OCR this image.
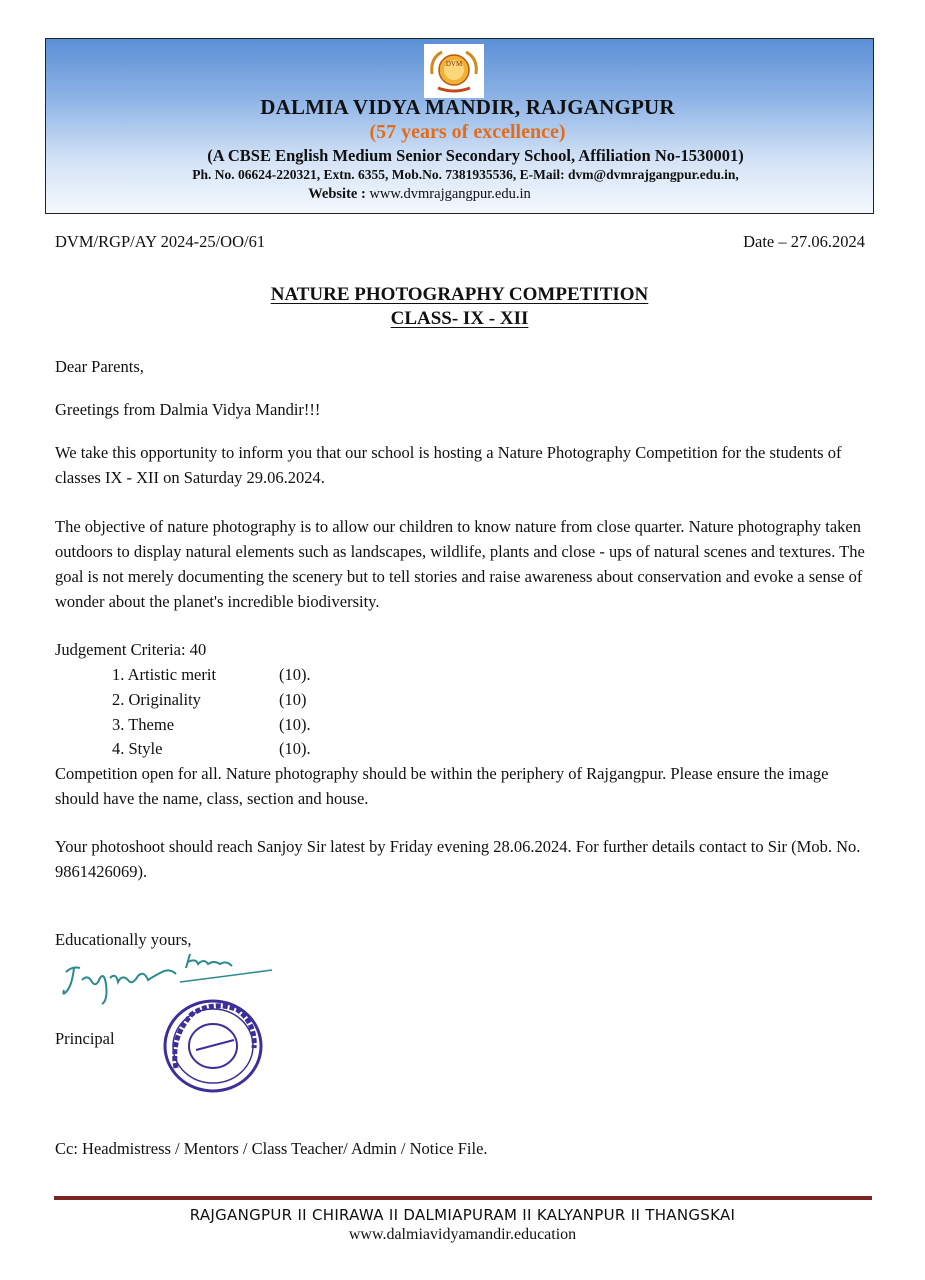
DVM
DALMIA VIDYA MANDIR, RAJGANGPUR
(57 years of excellence)
(A CBSE English Medium Senior Secondary School, Affiliation No-1530001)
Ph. No. 06624-220321, Extn. 6355, Mob.No. 7381935536, E-Mail: dvm@dvmrajgangpur.edu.in,
Website : www.dvmrajgangpur.edu.in
DVM/RGP/AY 2024-25/OO/61	Date – 27.06.2024
NATURE PHOTOGRAPHY COMPETITION
CLASS- IX - XII
Dear Parents,
Greetings from Dalmia Vidya Mandir!!!
We take this opportunity to inform you that our school is hosting a Nature Photography Competition for the students of classes IX - XII on Saturday 29.06.2024.
The objective of nature photography is to allow our children to know nature from close quarter. Nature photography taken outdoors to display natural elements such as landscapes, wildlife, plants and close - ups of natural scenes and textures. The goal is not merely documenting the scenery but to tell stories and raise awareness about conservation and evoke a sense of wonder about the planet's incredible biodiversity.
Judgement Criteria: 40
1. Artistic merit	(10).
2. Originality	(10)
3. Theme	(10).
4. Style	(10).
Competition open for all. Nature photography should be within the periphery of Rajgangpur. Please ensure the image should have the name, class, section and house.
Your photoshoot should reach Sanjoy Sir latest by Friday evening 28.06.2024. For further details contact to Sir (Mob. No. 9861426069).
Educationally yours,
Principal
Cc: Headmistress / Mentors / Class Teacher/ Admin / Notice File.
RAJGANGPUR II CHIRAWA II DALMIAPURAM II KALYANPUR II THANGSKAI
www.dalmiavidyamandir.education
